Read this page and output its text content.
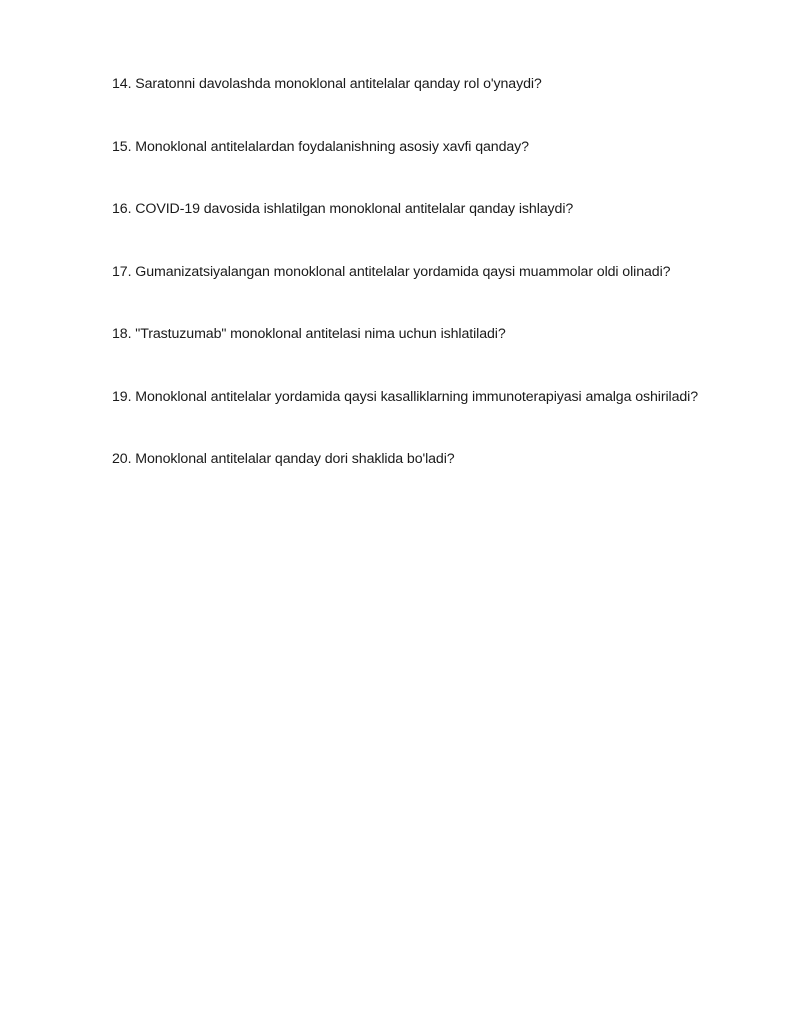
14. Saratonni davolashda monoklonal antitelalar qanday rol o'ynaydi?
15. Monoklonal antitelalardan foydalanishning asosiy xavfi qanday?
16. COVID-19 davosida ishlatilgan monoklonal antitelalar qanday ishlaydi?
17. Gumanizatsiyalangan monoklonal antitelalar yordamida qaysi muammolar oldi olinadi?
18. "Trastuzumab" monoklonal antitelasi nima uchun ishlatiladi?
19. Monoklonal antitelalar yordamida qaysi kasalliklarning immunoterapiyasi amalga oshiriladi?
20. Monoklonal antitelalar qanday dori shaklida bo'ladi?
